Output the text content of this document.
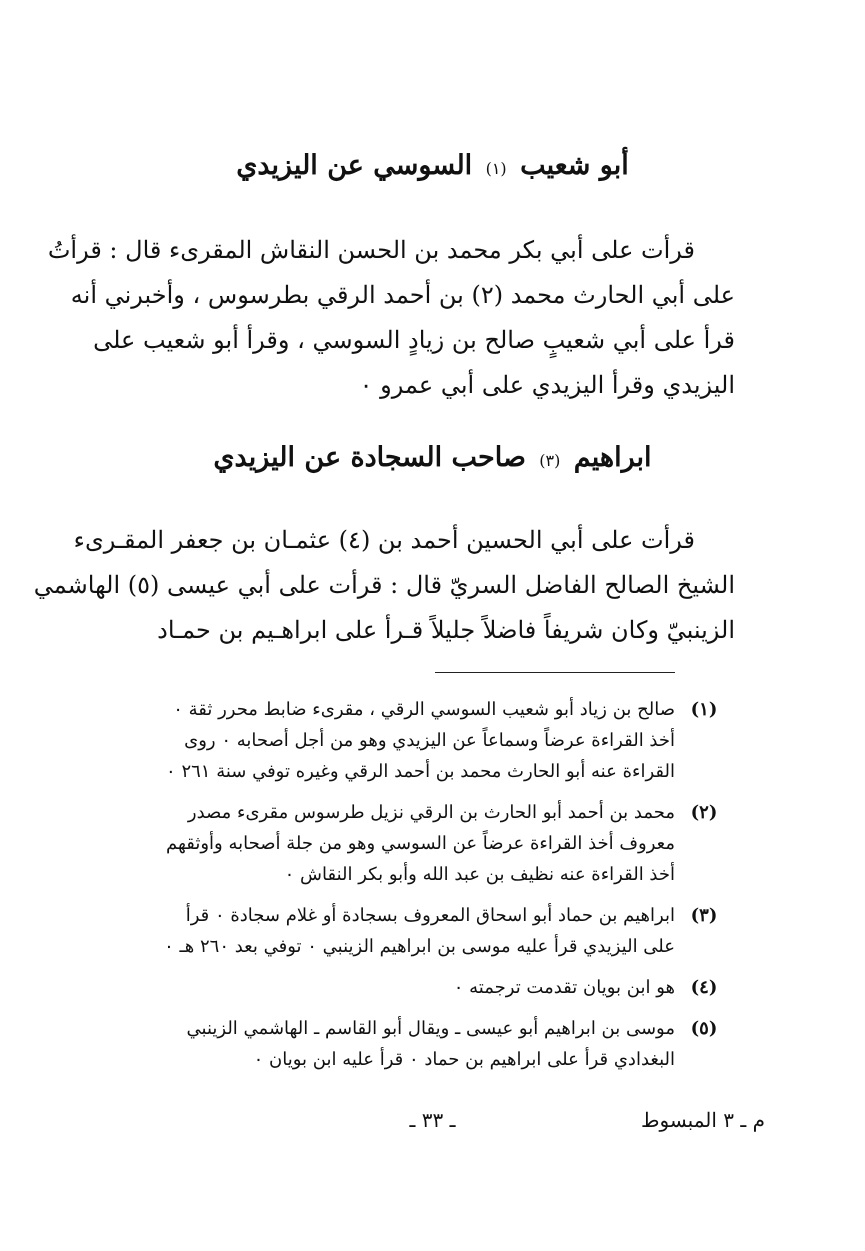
أبو شعيب (١) السوسي عن اليزيدي
قرأت على أبي بكر محمد بن الحسن النقاش المقرىء قال : قرأتُ
على أبي الحارث محمد (٢) بن أحمد الرقي بطرسوس ، وأخبرني أنه
قرأ على أبي شعيبٍ صالح بن زيادٍ السوسي ، وقرأ أبو شعيب على
اليزيدي وقرأ اليزيدي على أبي عمرو ٠
ابراهيم (٣) صاحب السجادة عن اليزيدي
قرأت على أبي الحسين أحمد بن (٤) عثمـان بن جعفر المقـرىء
الشيخ الصالح الفاضل السريّ قال : قرأت على أبي عيسى (٥) الهاشمي
الزينبيّ وكان شريفاً فاضلاً جليلاً قـرأ على ابراهـيم بن حمـاد
(١)
صالح بن زياد أبو شعيب السوسي الرقي ، مقرىء ضابط محرر ثقة ٠
أخذ القراءة عرضاً وسماعاً عن اليزيدي وهو من أجل أصحابه ٠ روى
القراءة عنه أبو الحارث محمد بن أحمد الرقي وغيره توفي سنة ٢٦١ ٠
(٢)
محمد بن أحمد أبو الحارث بن الرقي نزيل طرسوس مقرىء مصدر
معروف أخذ القراءة عرضاً عن السوسي وهو من جلة أصحابه وأوثقهم
أخذ القراءة عنه نظيف بن عبد الله وأبو بكر النقاش ٠
(٣)
ابراهيم بن حماد أبو اسحاق المعروف بسجادة أو غلام سجادة ٠ قرأ
على اليزيدي قرأ عليه موسى بن ابراهيم الزينبي ٠ توفي بعد ٢٦٠ هـ ٠
(٤)
هو ابن بويان تقدمت ترجمته ٠
(٥)
موسى بن ابراهيم أبو عيسى ـ ويقال أبو القاسم ـ الهاشمي الزينبي
البغدادي قرأ على ابراهيم بن حماد ٠ قرأ عليه ابن بويان ٠
ـ ٣٣ ـ	م ـ ٣ المبسوط
